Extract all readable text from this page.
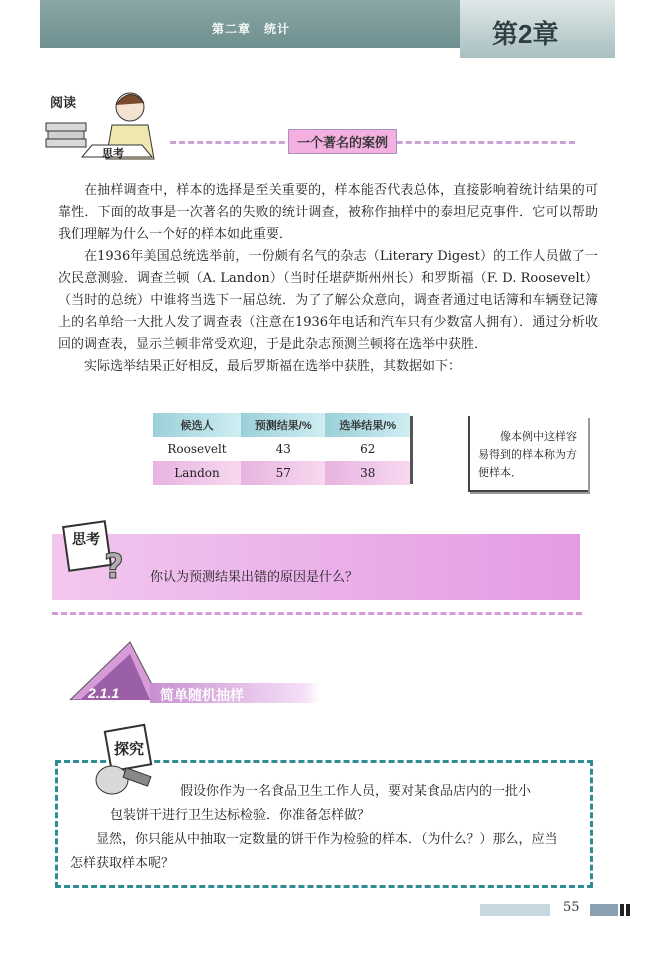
第二章　统计	第2章
阅读
思考
一个著名的案例

在抽样调查中，样本的选择是至关重要的，样本能否代表总体，直接影响着统计结果的可靠性．下面的故事是一次著名的失败的统计调查，被称作抽样中的泰坦尼克事件．它可以帮助我们理解为什么一个好的样本如此重要．

在1936年美国总统选举前，一份颇有名气的杂志（Literary Digest）的工作人员做了一次民意测验．调查兰顿（A. Landon）（当时任堪萨斯州州长）和罗斯福（F. D. Roosevelt）（当时的总统）中谁将当选下一届总统．为了了解公众意向，调查者通过电话簿和车辆登记簿上的名单给一大批人发了调查表（注意在1936年电话和汽车只有少数富人拥有）．通过分析收回的调查表，显示兰顿非常受欢迎，于是此杂志预测兰顿将在选举中获胜．

实际选举结果正好相反，最后罗斯福在选举中获胜，其数据如下：

候选人	预测结果/%	选举结果/%
Roosevelt	43	62
Landon	57	38
像本例中这样容易得到的样本称为方便样本．
思考
? 你认为预测结果出错的原因是什么？
2.1.1	简单随机抽样
探究
假设你作为一名食品卫生工作人员，要对某食品店内的一批小
包装饼干进行卫生达标检验．你准备怎样做？
显然，你只能从中抽取一定数量的饼干作为检验的样本．（为什么？）那么，应当
怎样获取样本呢？
55
